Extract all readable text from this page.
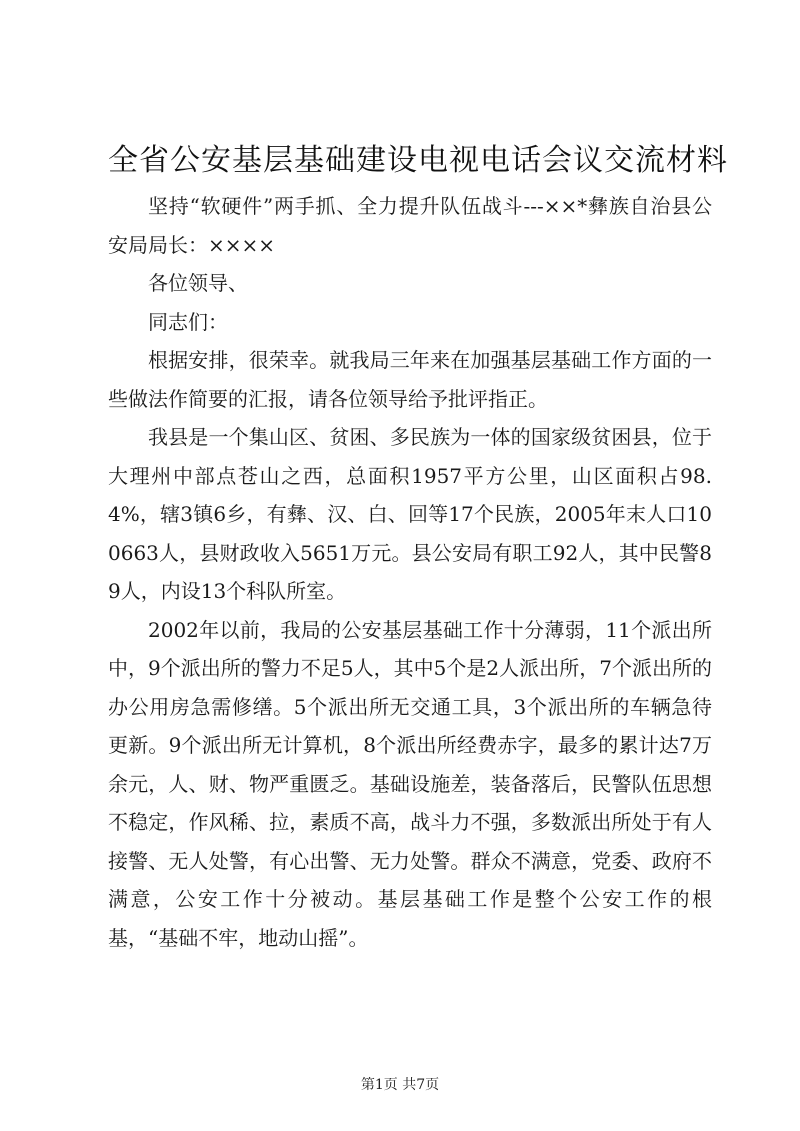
全省公安基层基础建设电视电话会议交流材料

坚持“软硬件”两手抓、全力提升队伍战斗---××*彝族自治县公安局局长：××××

各位领导、

同志们：

根据安排，很荣幸。就我局三年来在加强基层基础工作方面的一些做法作简要的汇报，请各位领导给予批评指正。

我县是一个集山区、贫困、多民族为一体的国家级贫困县，位于大理州中部点苍山之西，总面积1957平方公里，山区面积占98.4%，辖3镇6乡，有彝、汉、白、回等17个民族，2005年末人口100663人，县财政收入5651万元。县公安局有职工92人，其中民警89人，内设13个科队所室。

2002年以前，我局的公安基层基础工作十分薄弱，11个派出所中，9个派出所的警力不足5人，其中5个是2人派出所，7个派出所的办公用房急需修缮。5个派出所无交通工具，3个派出所的车辆急待更新。9个派出所无计算机，8个派出所经费赤字，最多的累计达7万余元，人、财、物严重匮乏。基础设施差，装备落后，民警队伍思想不稳定，作风稀、拉，素质不高，战斗力不强，多数派出所处于有人接警、无人处警，有心出警、无力处警。群众不满意，党委、政府不满意，公安工作十分被动。基层基础工作是整个公安工作的根基，“基础不牢，地动山摇”。

第1页 共7页
